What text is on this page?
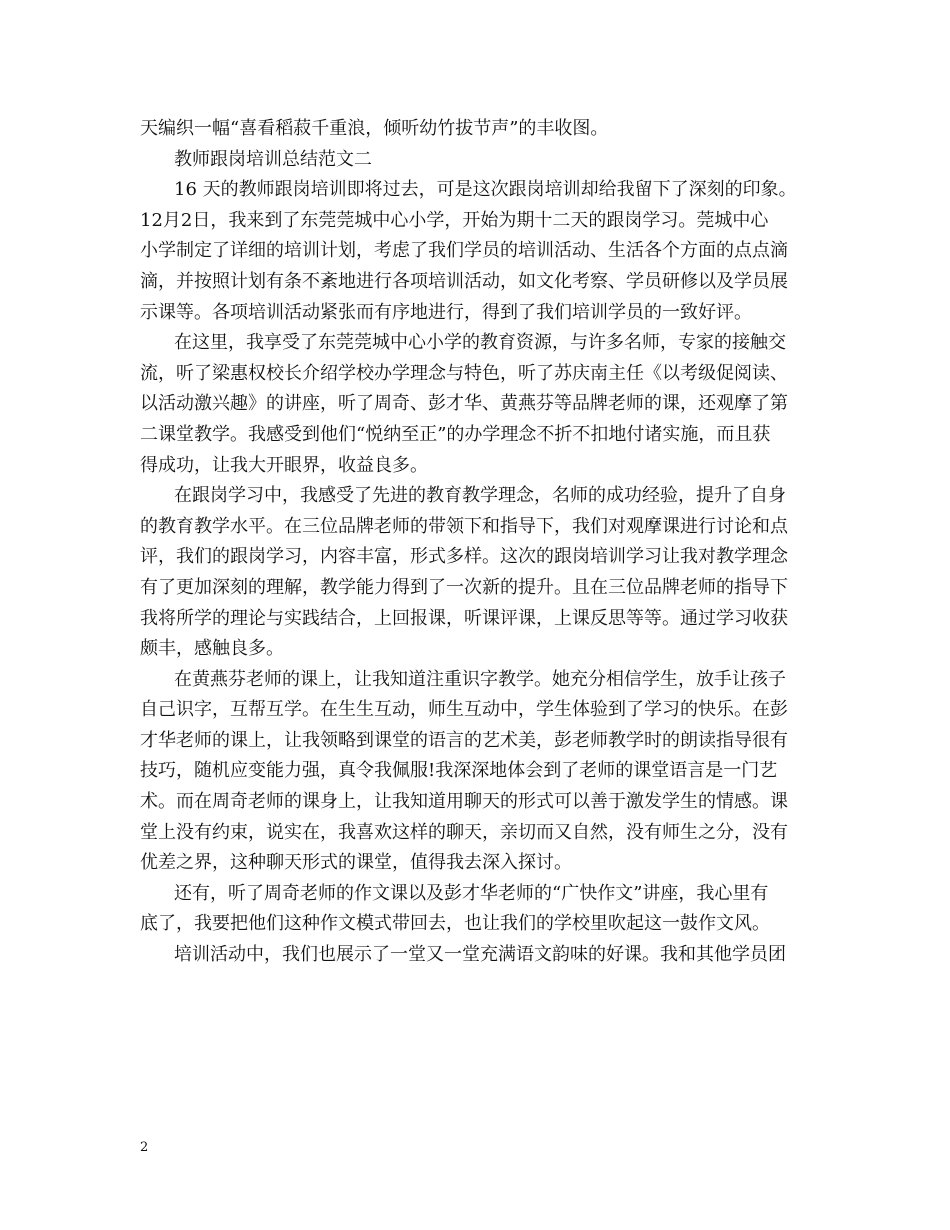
天编织一幅“喜看稻菽千重浪，倾听幼竹拔节声”的丰收图。
教师跟岗培训总结范文二
16 天的教师跟岗培训即将过去，可是这次跟岗培训却给我留下了深刻的印象。
12月2日，我来到了东莞莞城中心小学，开始为期十二天的跟岗学习。莞城中心
小学制定了详细的培训计划，考虑了我们学员的培训活动、生活各个方面的点点滴
滴，并按照计划有条不紊地进行各项培训活动，如文化考察、学员研修以及学员展
示课等。各项培训活动紧张而有序地进行，得到了我们培训学员的一致好评。
在这里，我享受了东莞莞城中心小学的教育资源，与许多名师，专家的接触交
流，听了梁惠权校长介绍学校办学理念与特色，听了苏庆南主任《以考级促阅读、
以活动激兴趣》的讲座，听了周奇、彭才华、黄燕芬等品牌老师的课，还观摩了第
二课堂教学。我感受到他们“悦纳至正”的办学理念不折不扣地付诸实施，而且获
得成功，让我大开眼界，收益良多。
在跟岗学习中，我感受了先进的教育教学理念，名师的成功经验，提升了自身
的教育教学水平。在三位品牌老师的带领下和指导下，我们对观摩课进行讨论和点
评，我们的跟岗学习，内容丰富，形式多样。这次的跟岗培训学习让我对教学理念
有了更加深刻的理解，教学能力得到了一次新的提升。且在三位品牌老师的指导下
我将所学的理论与实践结合，上回报课，听课评课，上课反思等等。通过学习收获
颇丰，感触良多。
在黄燕芬老师的课上，让我知道注重识字教学。她充分相信学生，放手让孩子
自己识字，互帮互学。在生生互动，师生互动中，学生体验到了学习的快乐。在彭
才华老师的课上，让我领略到课堂的语言的艺术美，彭老师教学时的朗读指导很有
技巧，随机应变能力强，真令我佩服!我深深地体会到了老师的课堂语言是一门艺
术。而在周奇老师的课身上，让我知道用聊天的形式可以善于激发学生的情感。课
堂上没有约束，说实在，我喜欢这样的聊天，亲切而又自然，没有师生之分，没有
优差之界，这种聊天形式的课堂，值得我去深入探讨。
还有，听了周奇老师的作文课以及彭才华老师的“广快作文”讲座，我心里有
底了，我要把他们这种作文模式带回去，也让我们的学校里吹起这一鼓作文风。
培训活动中，我们也展示了一堂又一堂充满语文韵味的好课。我和其他学员团
2
